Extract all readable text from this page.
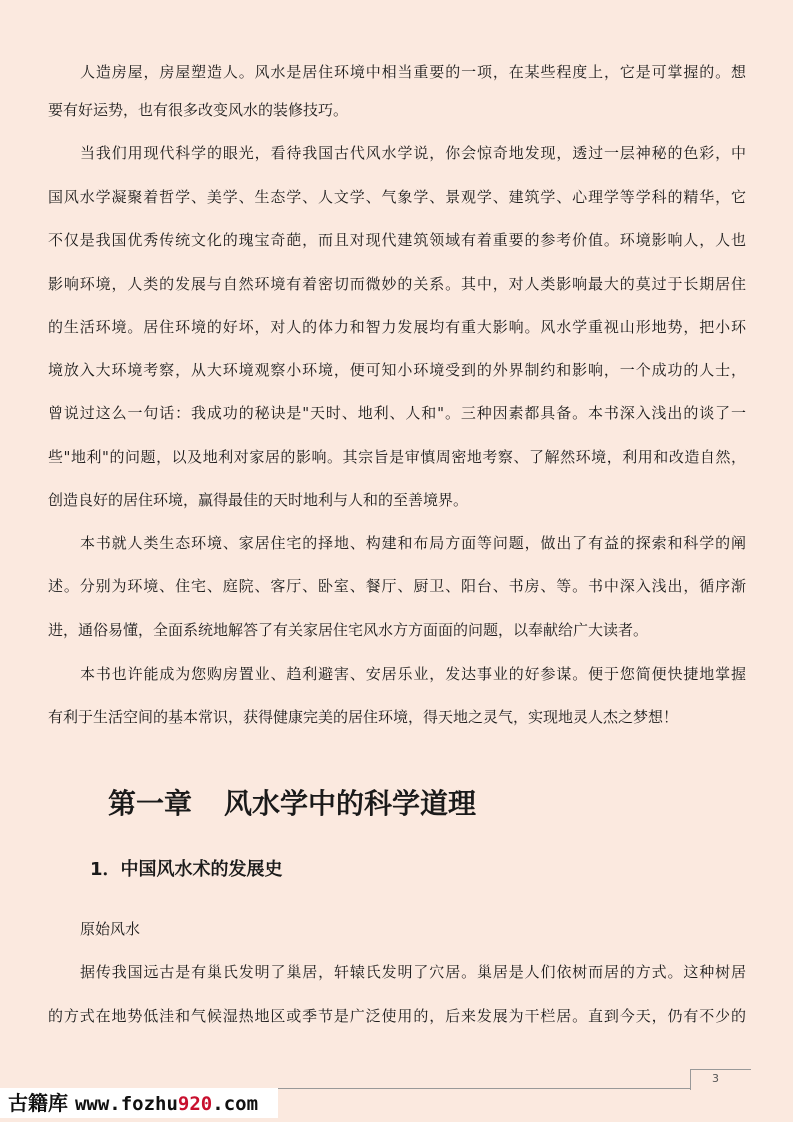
人造房屋，房屋塑造人。风水是居住环境中相当重要的一项，在某些程度上，它是可掌握的。想
要有好运势，也有很多改变风水的装修技巧。
当我们用现代科学的眼光，看待我国古代风水学说，你会惊奇地发现，透过一层神秘的色彩，中
国风水学凝聚着哲学、美学、生态学、人文学、气象学、景观学、建筑学、心理学等学科的精华，它
不仅是我国优秀传统文化的瑰宝奇葩，而且对现代建筑领域有着重要的参考价值。环境影响人，人也
影响环境，人类的发展与自然环境有着密切而微妙的关系。其中，对人类影响最大的莫过于长期居住
的生活环境。居住环境的好坏，对人的体力和智力发展均有重大影响。风水学重视山形地势，把小环
境放入大环境考察，从大环境观察小环境，便可知小环境受到的外界制约和影响，一个成功的人士，
曾说过这么一句话：我成功的秘诀是"天时、地利、人和"。三种因素都具备。本书深入浅出的谈了一
些"地利"的问题，以及地利对家居的影响。其宗旨是审慎周密地考察、了解然环境，利用和改造自然，
创造良好的居住环境，赢得最佳的天时地利与人和的至善境界。
本书就人类生态环境、家居住宅的择地、构建和布局方面等问题，做出了有益的探索和科学的阐
述。分别为环境、住宅、庭院、客厅、卧室、餐厅、厨卫、阳台、书房、等。书中深入浅出，循序渐
进，通俗易懂，全面系统地解答了有关家居住宅风水方方面面的问题，以奉献给广大读者。
本书也许能成为您购房置业、趋利避害、安居乐业，发达事业的好参谋。便于您简便快捷地掌握
有利于生活空间的基本常识，获得健康完美的居住环境，得天地之灵气，实现地灵人杰之梦想！
第一章 风水学中的科学道理
1．中国风水术的发展史
原始风水
据传我国远古是有巢氏发明了巢居，轩辕氏发明了穴居。巢居是人们依树而居的方式。这种树居
的方式在地势低洼和气候湿热地区或季节是广泛使用的，后来发展为干栏居。直到今天，仍有不少的
3
古籍库 www.fozhu920.com
